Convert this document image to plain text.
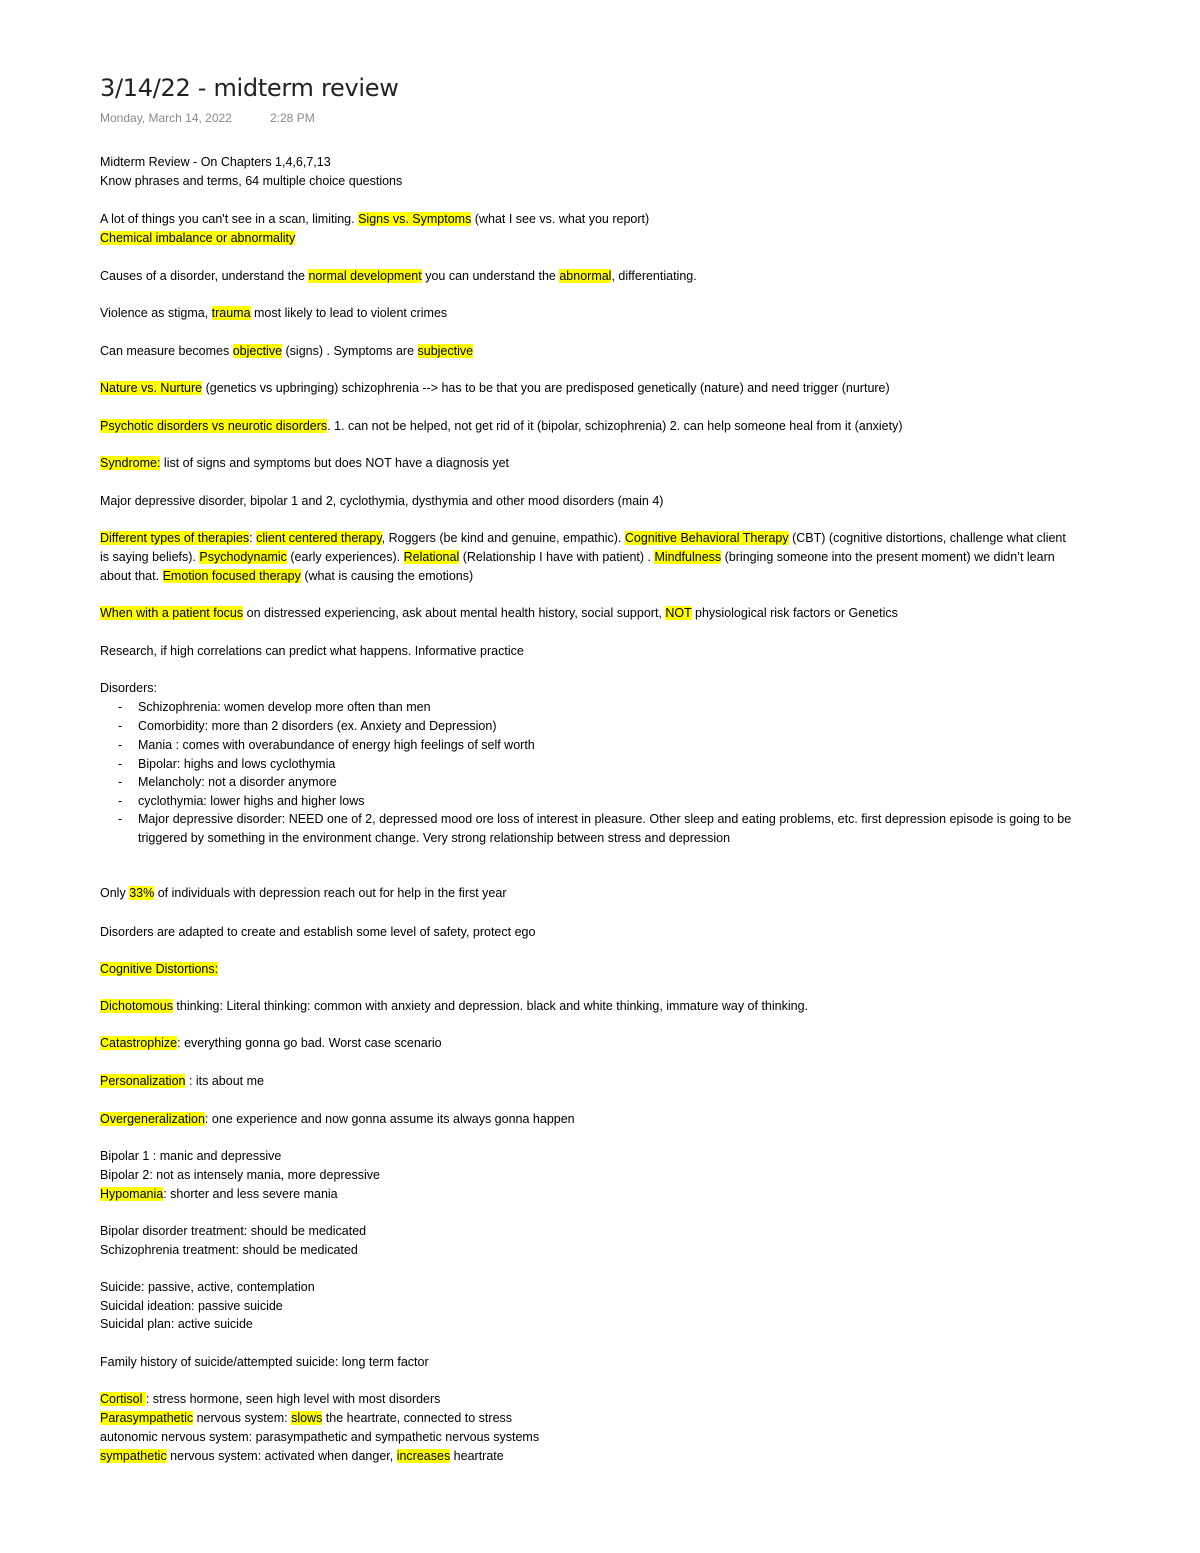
3/14/22 - midterm review
Monday, March 14, 2022	2:28 PM
Midterm Review - On Chapters 1,4,6,7,13
Know phrases and terms, 64 multiple choice questions
A lot of things you can't see in a scan, limiting. Signs vs. Symptoms (what I see vs. what you report)
Chemical imbalance or abnormality
Causes of a disorder, understand the normal development you can understand the abnormal, differentiating.
Violence as stigma, trauma most likely to lead to violent crimes
Can measure becomes objective (signs) . Symptoms are subjective
Nature vs. Nurture (genetics vs upbringing) schizophrenia --> has to be that you are predisposed genetically (nature) and need trigger (nurture)
Psychotic disorders vs neurotic disorders. 1. can not be helped, not get rid of it (bipolar, schizophrenia) 2. can help someone heal from it (anxiety)
Syndrome: list of signs and symptoms but does NOT have a diagnosis yet
Major depressive disorder, bipolar 1 and 2, cyclothymia, dysthymia and other mood disorders (main 4)
Different types of therapies: client centered therapy, Roggers (be kind and genuine, empathic). Cognitive Behavioral Therapy (CBT) (cognitive distortions, challenge what client
is saying beliefs). Psychodynamic (early experiences). Relational (Relationship I have with patient) . Mindfulness (bringing someone into the present moment) we didn’t learn
about that. Emotion focused therapy (what is causing the emotions)
When with a patient focus on distressed experiencing, ask about mental health history, social support, NOT physiological risk factors or Genetics
Research, if high correlations can predict what happens. Informative practice
Disorders:
Schizophrenia: women develop more often than men
-
Comorbidity: more than 2 disorders (ex. Anxiety and Depression)
-
Mania : comes with overabundance of energy high feelings of self worth
-
Bipolar: highs and lows cyclothymia
-
Melancholy: not a disorder anymore
-
cyclothymia: lower highs and higher lows
-
Major depressive disorder: NEED one of 2, depressed mood ore loss of interest in pleasure. Other sleep and eating problems, etc. first depression episode is going to be
-
triggered by something in the environment change. Very strong relationship between stress and depression
Only 33% of individuals with depression reach out for help in the first year
Disorders are adapted to create and establish some level of safety, protect ego
Cognitive Distortions:
Dichotomous thinking: Literal thinking: common with anxiety and depression. black and white thinking, immature way of thinking.
Catastrophize: everything gonna go bad. Worst case scenario
Personalization : its about me
Overgeneralization: one experience and now gonna assume its always gonna happen
Bipolar 1 : manic and depressive
Bipolar 2: not as intensely mania, more depressive
Hypomania: shorter and less severe mania
Bipolar disorder treatment: should be medicated
Schizophrenia treatment: should be medicated
Suicide: passive, active, contemplation
Suicidal ideation: passive suicide
Suicidal plan: active suicide
Family history of suicide/attempted suicide: long term factor
Cortisol : stress hormone, seen high level with most disorders
Parasympathetic nervous system: slows the heartrate, connected to stress
autonomic nervous system: parasympathetic and sympathetic nervous systems
sympathetic nervous system: activated when danger, increases heartrate
